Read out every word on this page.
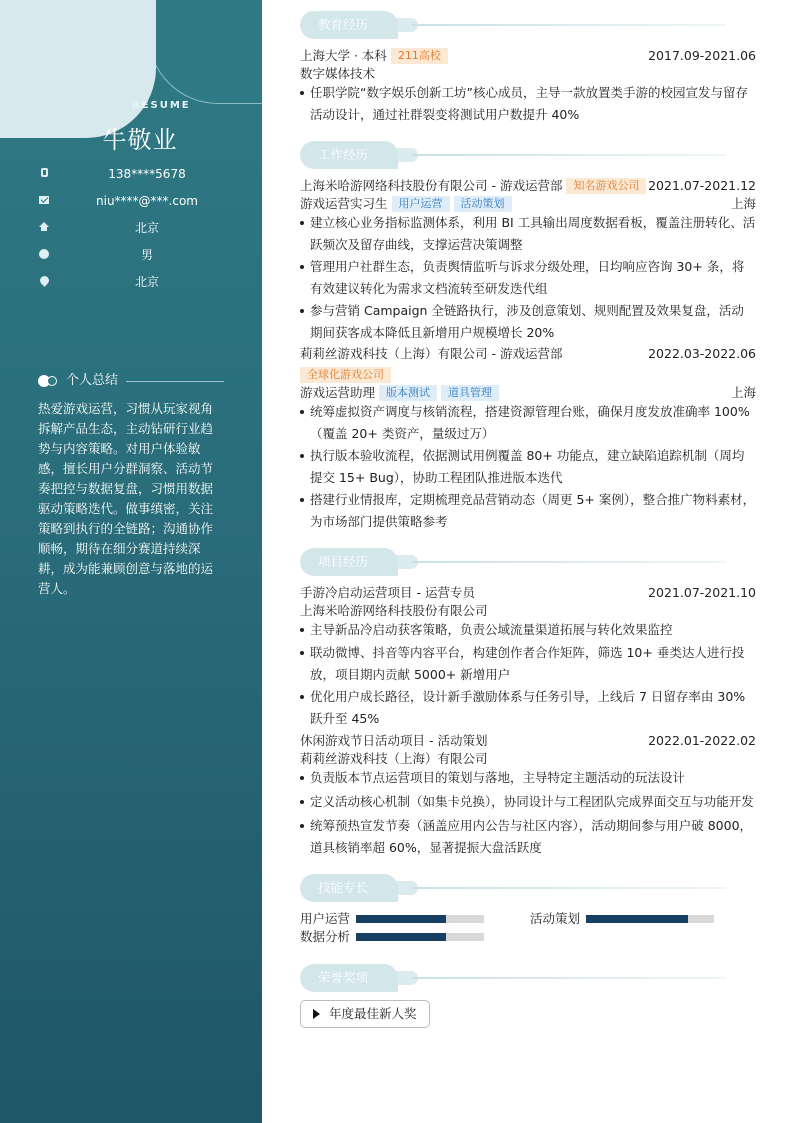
RESUME
牛敬业
138****5678
niu****@***.com
北京
男
北京
个人总结
热爱游戏运营，习惯从玩家视角拆解产品生态，主动钻研行业趋势与内容策略。对用户体验敏感，擅长用户分群洞察、活动节奏把控与数据复盘，习惯用数据驱动策略迭代。做事缜密，关注策略到执行的全链路；沟通协作顺畅，期待在细分赛道持续深耕，成为能兼顾创意与落地的运营人。
教育经历
上海大学 · 本科 211高校	2017.09-2021.06
数字媒体技术
任职学院“数字娱乐创新工坊”核心成员，主导一款放置类手游的校园宣发与留存活动设计，通过社群裂变将测试用户数提升 40%
工作经历
上海米哈游网络科技股份有限公司 - 游戏运营部 知名游戏公司 2021.07-2021.12
游戏运营实习生 用户运营 活动策划	上海
建立核心业务指标监测体系，利用 BI 工具输出周度数据看板，覆盖注册转化、活跃频次及留存曲线，支撑运营决策调整
管理用户社群生态，负责舆情监听与诉求分级处理，日均响应咨询 30+ 条，将有效建议转化为需求文档流转至研发迭代组
参与营销 Campaign 全链路执行，涉及创意策划、规则配置及效果复盘，活动期间获客成本降低且新增用户规模增长 20%
莉莉丝游戏科技（上海）有限公司 - 游戏运营部	2022.03-2022.06
全球化游戏公司
游戏运营助理 版本测试 道具管理	上海
统筹虚拟资产调度与核销流程，搭建资源管理台账，确保月度发放准确率 100%（覆盖 20+ 类资产，量级过万）
执行版本验收流程，依据测试用例覆盖 80+ 功能点，建立缺陷追踪机制（周均提交 15+ Bug），协助工程团队推进版本迭代
搭建行业情报库，定期梳理竞品营销动态（周更 5+ 案例），整合推广物料素材，为市场部门提供策略参考
项目经历
手游冷启动运营项目 - 运营专员	2021.07-2021.10
上海米哈游网络科技股份有限公司
主导新品冷启动获客策略，负责公域流量渠道拓展与转化效果监控
联动微博、抖音等内容平台，构建创作者合作矩阵，筛选 10+ 垂类达人进行投放，项目期内贡献 5000+ 新增用户
优化用户成长路径，设计新手激励体系与任务引导，上线后 7 日留存率由 30% 跃升至 45%
休闲游戏节日活动项目 - 活动策划	2022.01-2022.02
莉莉丝游戏科技（上海）有限公司
负责版本节点运营项目的策划与落地，主导特定主题活动的玩法设计
定义活动核心机制（如集卡兑换），协同设计与工程团队完成界面交互与功能开发
统筹预热宣发节奏（涵盖应用内公告与社区内容），活动期间参与用户破 8000，道具核销率超 60%，显著提振大盘活跃度
技能专长
用户运营	活动策划
数据分析
荣誉奖项
年度最佳新人奖
